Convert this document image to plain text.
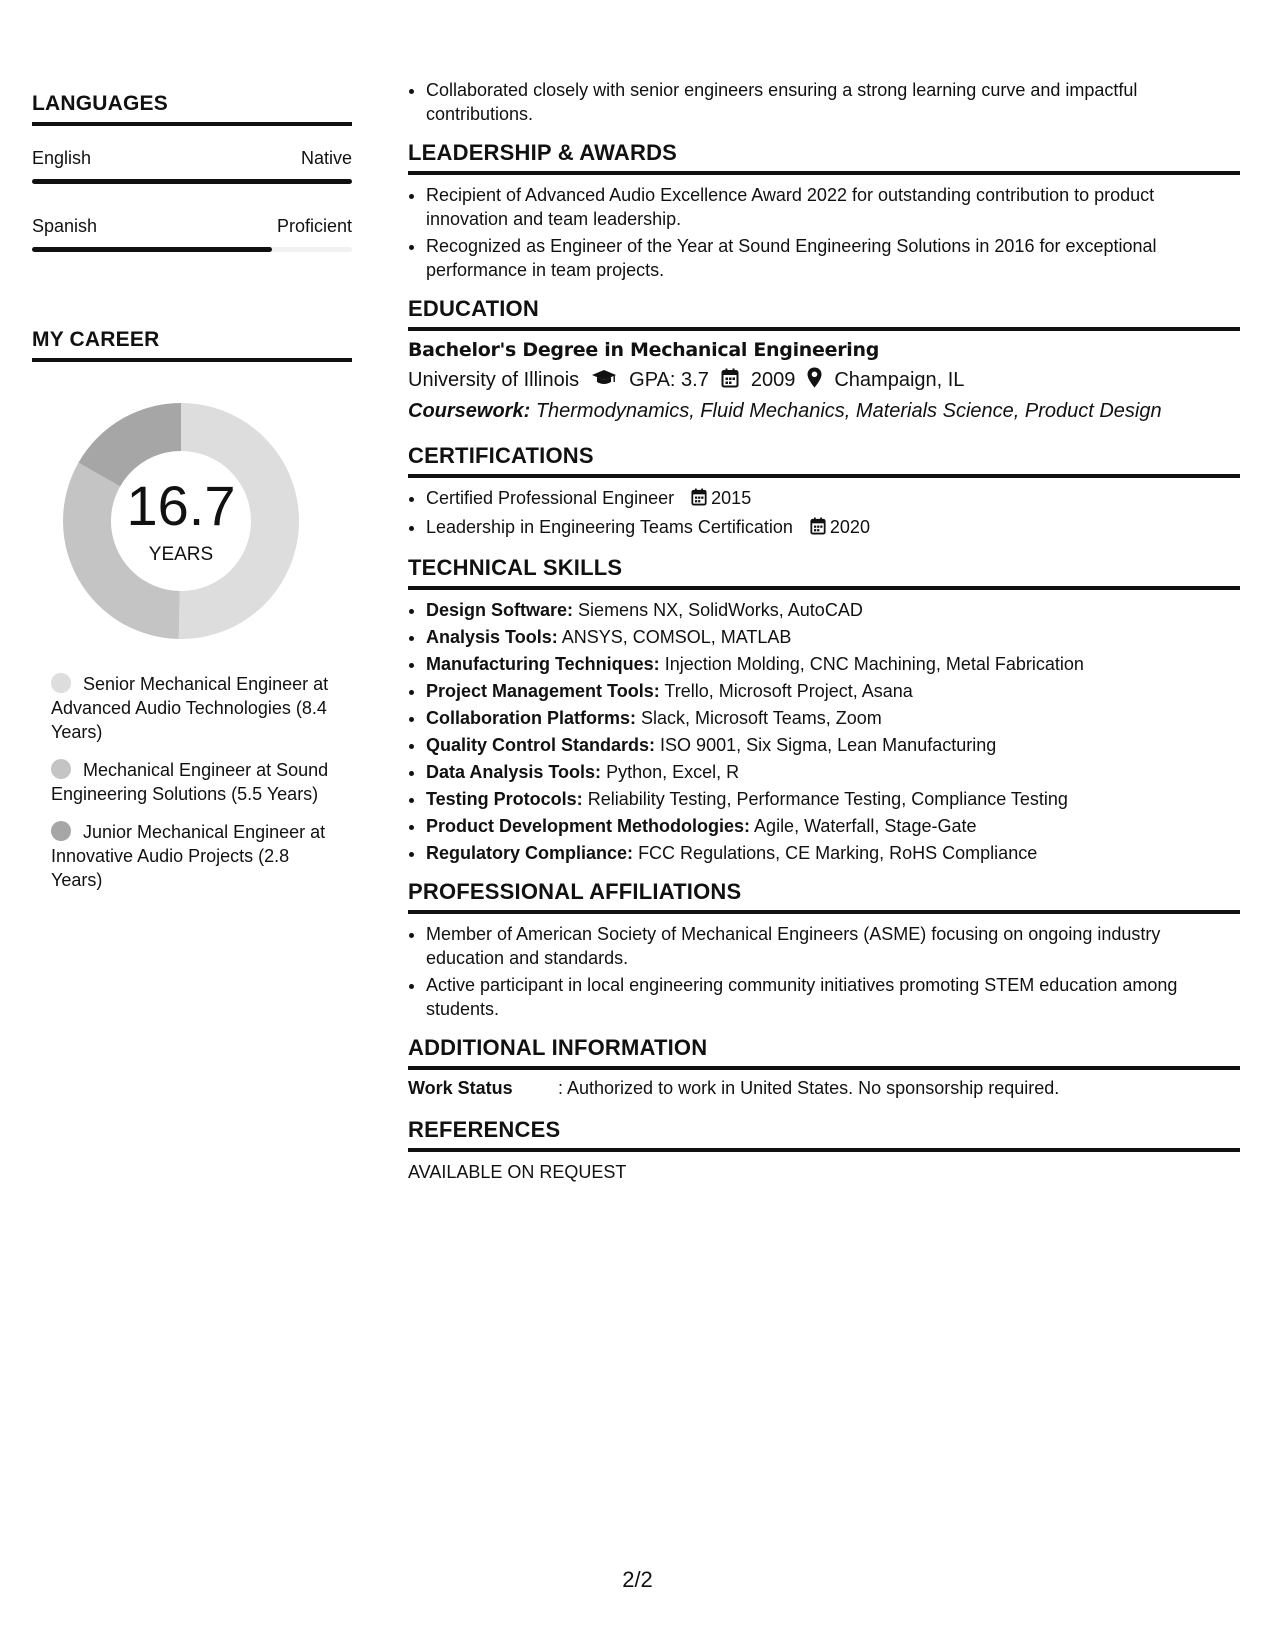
LANGUAGES
English	Native
Spanish	Proficient
MY CAREER
16.7
YEARS
Senior Mechanical Engineer at Advanced Audio Technologies (8.4 Years)
Mechanical Engineer at Sound Engineering Solutions (5.5 Years)
Junior Mechanical Engineer at Innovative Audio Projects (2.8 Years)
• Collaborated closely with senior engineers ensuring a strong learning curve and impactful contributions.
LEADERSHIP & AWARDS
• Recipient of Advanced Audio Excellence Award 2022 for outstanding contribution to product innovation and team leadership.
• Recognized as Engineer of the Year at Sound Engineering Solutions in 2016 for exceptional performance in team projects.
EDUCATION
Bachelor's Degree in Mechanical Engineering
University of Illinois	GPA: 3.7 2009 Champaign, IL
Coursework: Thermodynamics, Fluid Mechanics, Materials Science, Product Design
CERTIFICATIONS
• Certified Professional Engineer 2015
• Leadership in Engineering Teams Certification 2020
TECHNICAL SKILLS
• Design Software: Siemens NX, SolidWorks, AutoCAD
• Analysis Tools: ANSYS, COMSOL, MATLAB
• Manufacturing Techniques: Injection Molding, CNC Machining, Metal Fabrication
• Project Management Tools: Trello, Microsoft Project, Asana
• Collaboration Platforms: Slack, Microsoft Teams, Zoom
• Quality Control Standards: ISO 9001, Six Sigma, Lean Manufacturing
• Data Analysis Tools: Python, Excel, R
• Testing Protocols: Reliability Testing, Performance Testing, Compliance Testing
• Product Development Methodologies: Agile, Waterfall, Stage-Gate
• Regulatory Compliance: FCC Regulations, CE Marking, RoHS Compliance
PROFESSIONAL AFFILIATIONS
• Member of American Society of Mechanical Engineers (ASME) focusing on ongoing industry education and standards.
• Active participant in local engineering community initiatives promoting STEM education among students.
ADDITIONAL INFORMATION
Work Status	: Authorized to work in United States. No sponsorship required.
REFERENCES
AVAILABLE ON REQUEST
2/2
